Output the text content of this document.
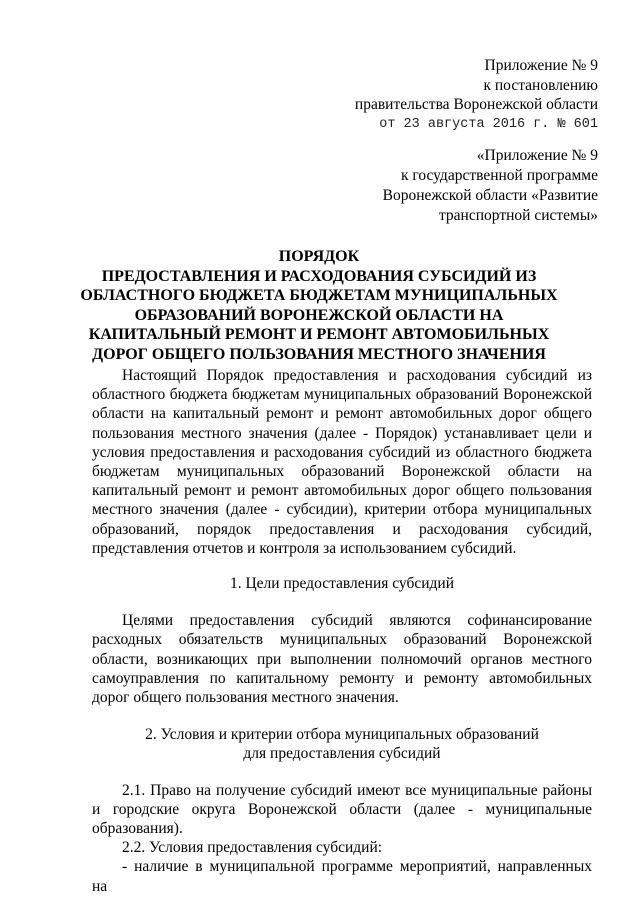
Приложение № 9
к постановлению
правительства Воронежской области
от 23 августа 2016 г. № 601
«Приложение № 9
к государственной программе
Воронежской области «Развитие
транспортной системы»
ПОРЯДОК
ПРЕДОСТАВЛЕНИЯ И РАСХОДОВАНИЯ СУБСИДИЙ ИЗ ОБЛАСТНОГО БЮДЖЕТА БЮДЖЕТАМ МУНИЦИПАЛЬНЫХ ОБРАЗОВАНИЙ ВОРОНЕЖСКОЙ ОБЛАСТИ НА КАПИТАЛЬНЫЙ РЕМОНТ И РЕМОНТ АВТОМОБИЛЬНЫХ ДОРОГ ОБЩЕГО ПОЛЬЗОВАНИЯ МЕСТНОГО ЗНАЧЕНИЯ

Настоящий Порядок предоставления и расходования субсидий из областного бюджета бюджетам муниципальных образований Воронежской области на капитальный ремонт и ремонт автомобильных дорог общего пользования местного значения (далее - Порядок) устанавливает цели и условия предоставления и расходования субсидий из областного бюджета бюджетам муниципальных образований Воронежской области на капитальный ремонт и ремонт автомобильных дорог общего пользования местного значения (далее - субсидии), критерии отбора муниципальных образований, порядок предоставления и расходования субсидий, представления отчетов и контроля за использованием субсидий.

1. Цели предоставления субсидий

Целями предоставления субсидий являются софинансирование расходных обязательств муниципальных образований Воронежской области, возникающих при выполнении полномочий органов местного самоуправления по капитальному ремонту и ремонту автомобильных дорог общего пользования местного значения.

2. Условия и критерии отбора муниципальных образований

для предоставления субсидий

2.1. Право на получение субсидий имеют все муниципальные районы и городские округа Воронежской области (далее - муниципальные образования).

2.2. Условия предоставления субсидий:

- наличие в муниципальной программе мероприятий, направленных на
